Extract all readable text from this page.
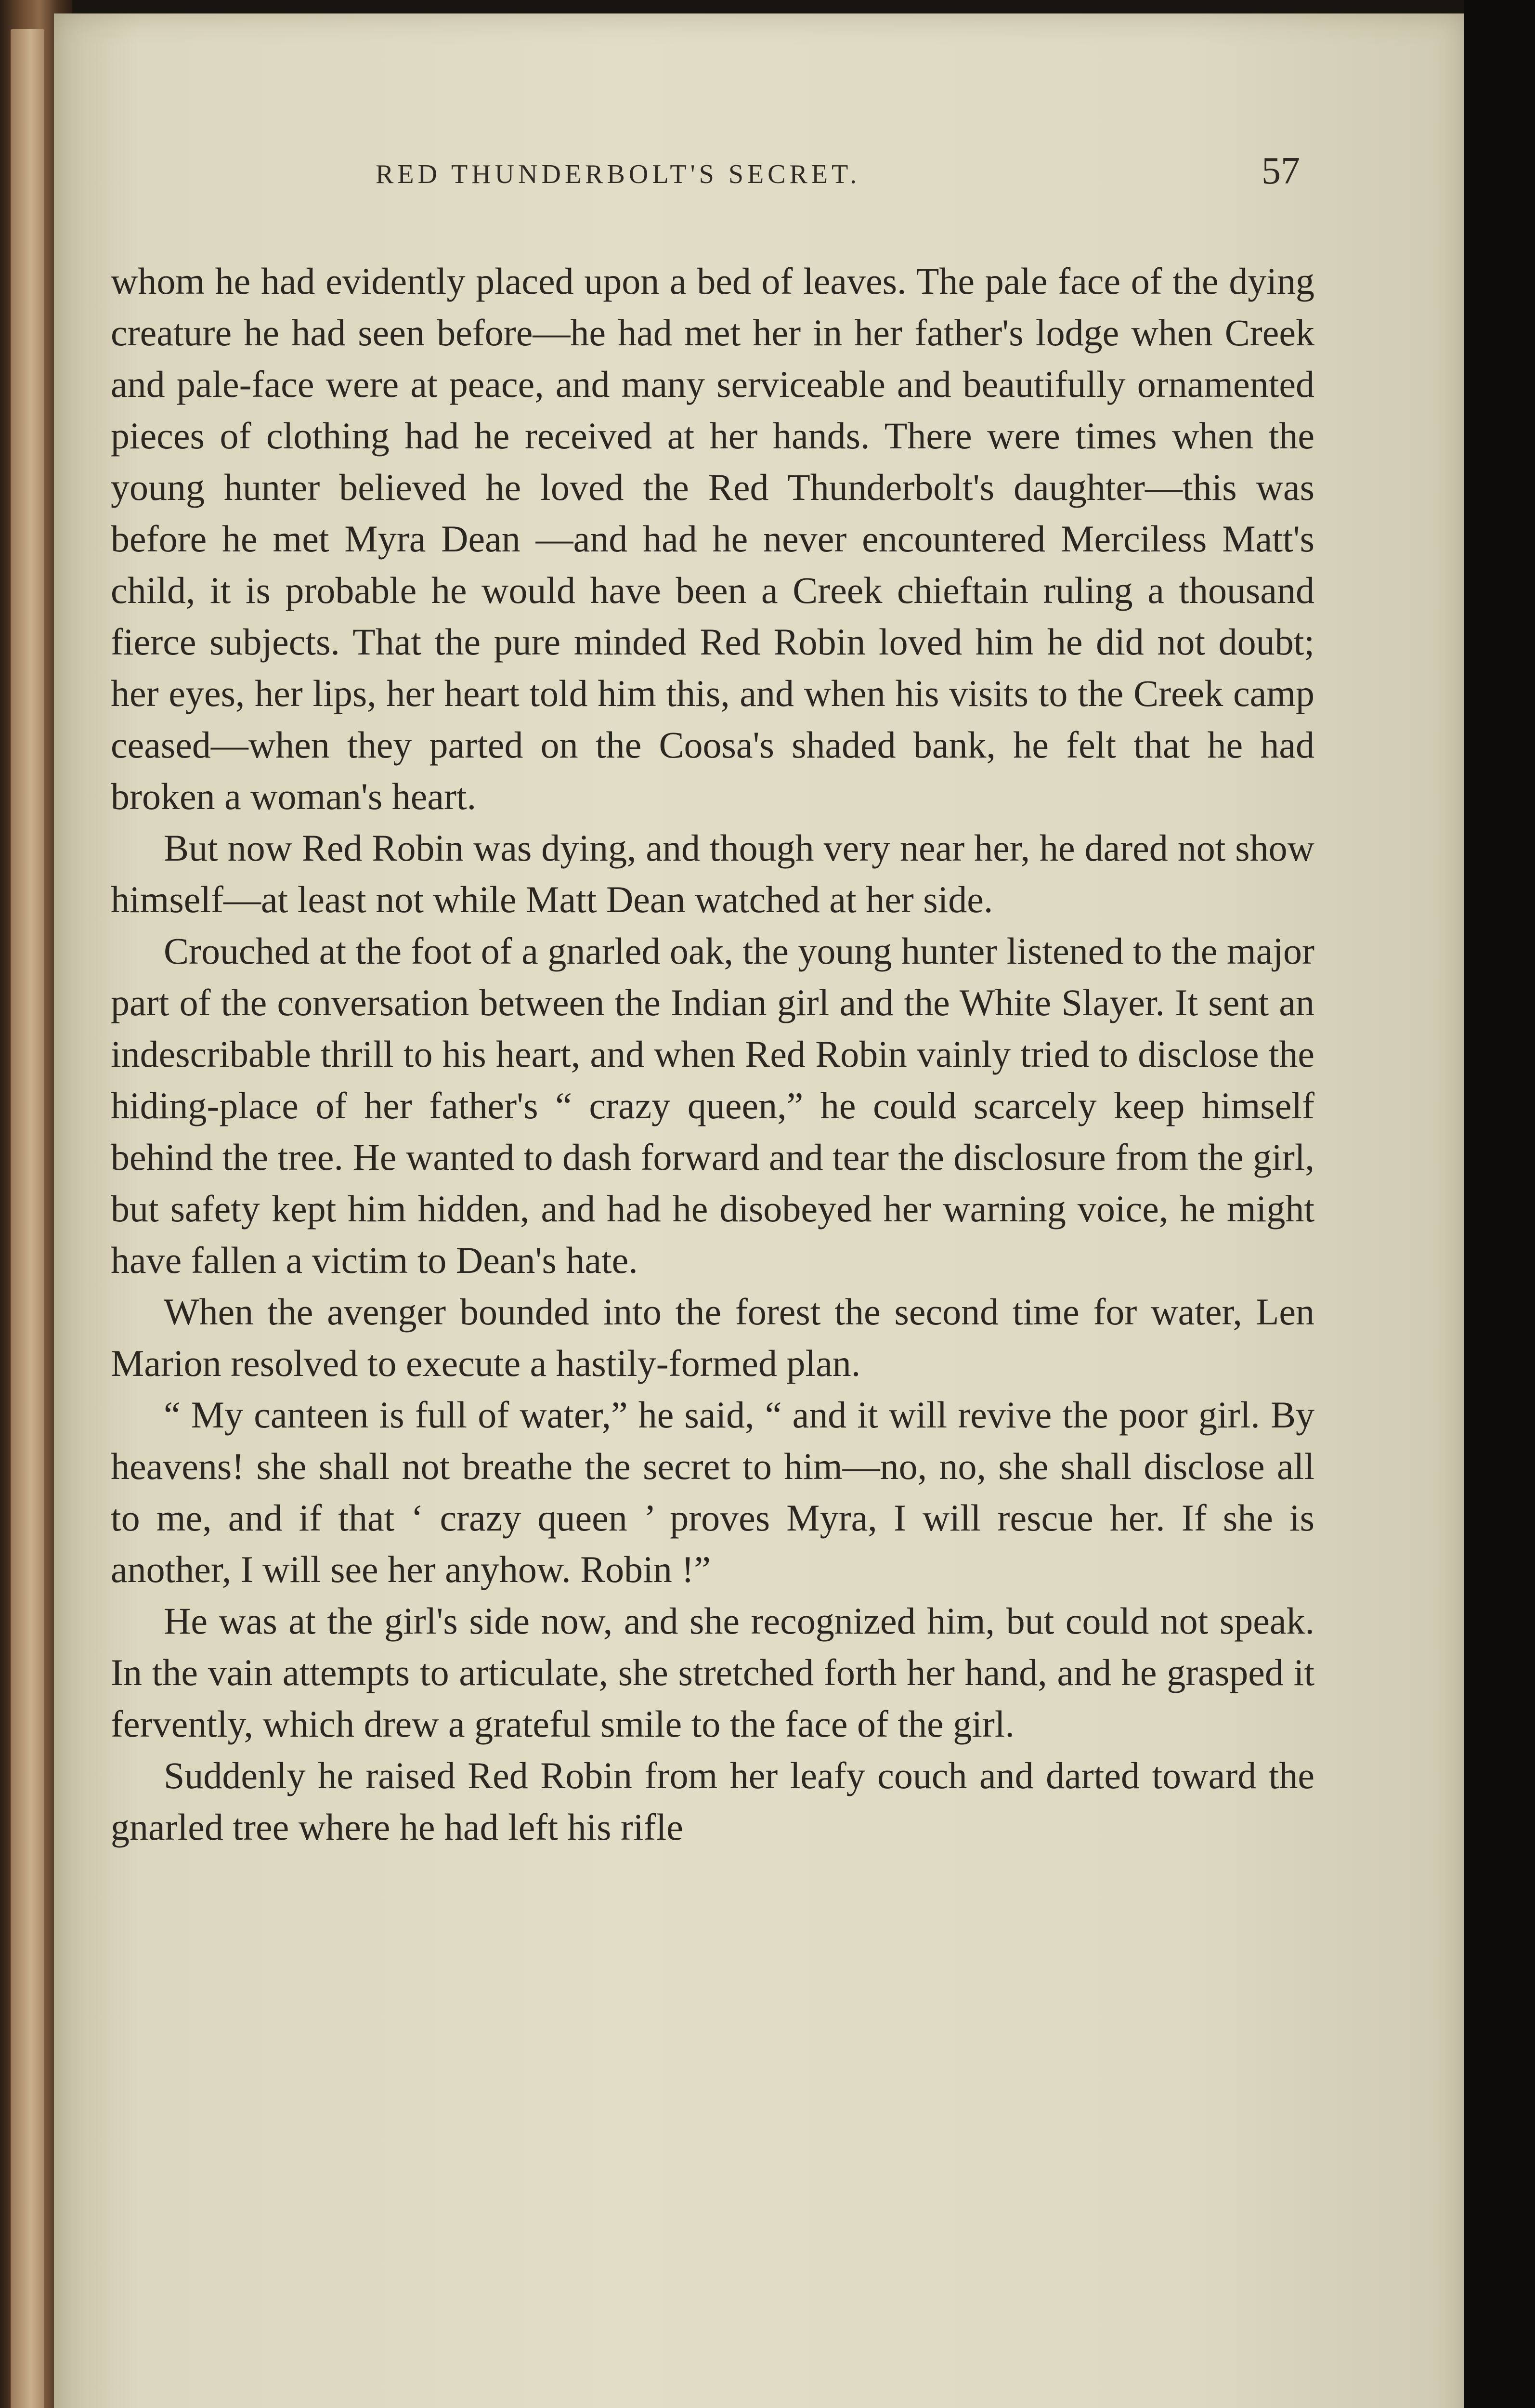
RED THUNDERBOLT'S SECRET.	57

whom he had evidently placed upon a bed of leaves. The pale face of the dying creature he had seen before—he had met her in her father's lodge when Creek and pale-face were at peace, and many serviceable and beautifully ornamented pieces of clothing had he received at her hands. There were times when the young hunter believed he loved the Red Thunderbolt's daughter—this was before he met Myra Dean —and had he never encountered Merciless Matt's child, it is probable he would have been a Creek chieftain ruling a thousand fierce subjects. That the pure minded Red Robin loved him he did not doubt; her eyes, her lips, her heart told him this, and when his visits to the Creek camp ceased—when they parted on the Coosa's shaded bank, he felt that he had broken a woman's heart.

But now Red Robin was dying, and though very near her, he dared not show himself—at least not while Matt Dean watched at her side.

Crouched at the foot of a gnarled oak, the young hunter listened to the major part of the conversation between the Indian girl and the White Slayer. It sent an indescribable thrill to his heart, and when Red Robin vainly tried to disclose the hiding-place of her father's “ crazy queen,” he could scarcely keep himself behind the tree. He wanted to dash forward and tear the disclosure from the girl, but safety kept him hidden, and had he disobeyed her warning voice, he might have fallen a victim to Dean's hate.

When the avenger bounded into the forest the second time for water, Len Marion resolved to execute a hastily-formed plan.

“ My canteen is full of water,” he said, “ and it will revive the poor girl. By heavens! she shall not breathe the secret to him—no, no, she shall disclose all to me, and if that ‘ crazy queen ’ proves Myra, I will rescue her. If she is another, I will see her anyhow. Robin !”

He was at the girl's side now, and she recognized him, but could not speak. In the vain attempts to articulate, she stretched forth her hand, and he grasped it fervently, which drew a grateful smile to the face of the girl.

Suddenly he raised Red Robin from her leafy couch and darted toward the gnarled tree where he had left his rifle
